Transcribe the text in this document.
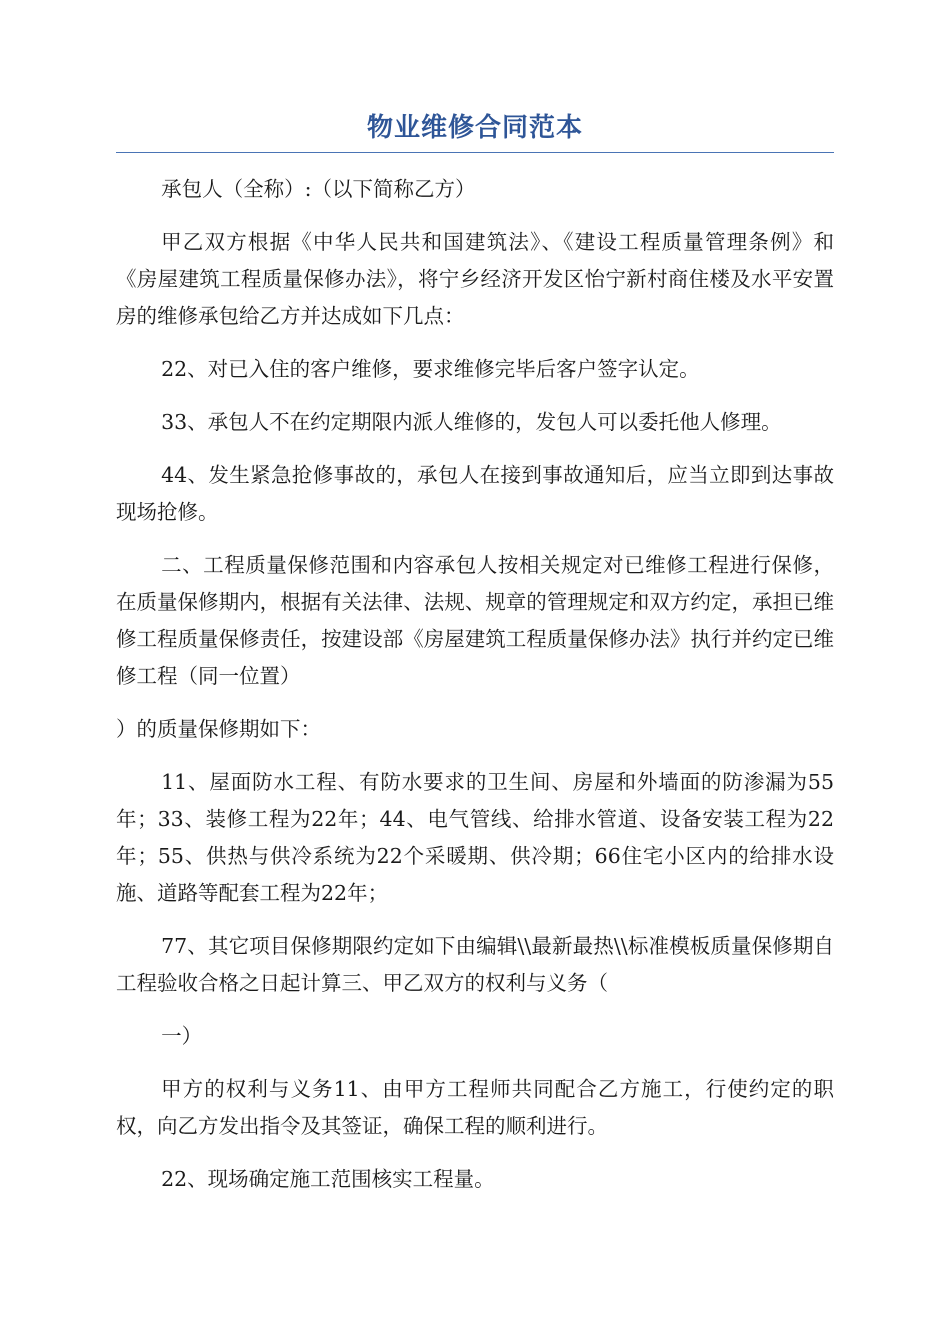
物业维修合同范本

承包人（全称）:（以下简称乙方）

甲乙双方根据《中华人民共和国建筑法》、《建设工程质量管理条例》和《房屋建筑工程质量保修办法》，将宁乡经济开发区怡宁新村商住楼及水平安置房的维修承包给乙方并达成如下几点：

22、对已入住的客户维修，要求维修完毕后客户签字认定。

33、承包人不在约定期限内派人维修的，发包人可以委托他人修理。

44、发生紧急抢修事故的，承包人在接到事故通知后，应当立即到达事故现场抢修。

二、工程质量保修范围和内容承包人按相关规定对已维修工程进行保修，在质量保修期内，根据有关法律、法规、规章的管理规定和双方约定，承担已维修工程质量保修责任，按建设部《房屋建筑工程质量保修办法》执行并约定已维修工程（同一位置）

）的质量保修期如下：

11、屋面防水工程、有防水要求的卫生间、房屋和外墙面的防渗漏为55年；33、装修工程为22年；44、电气管线、给排水管道、设备安装工程为22年；55、供热与供冷系统为22个采暖期、供冷期；66住宅小区内的给排水设施、道路等配套工程为22年；

77、其它项目保修期限约定如下由编辑\\最新最热\\标准模板质量保修期自工程验收合格之日起计算三、甲乙双方的权利与义务（

一）

甲方的权利与义务11、由甲方工程师共同配合乙方施工，行使约定的职权，向乙方发出指令及其签证，确保工程的顺利进行。

22、现场确定施工范围核实工程量。
